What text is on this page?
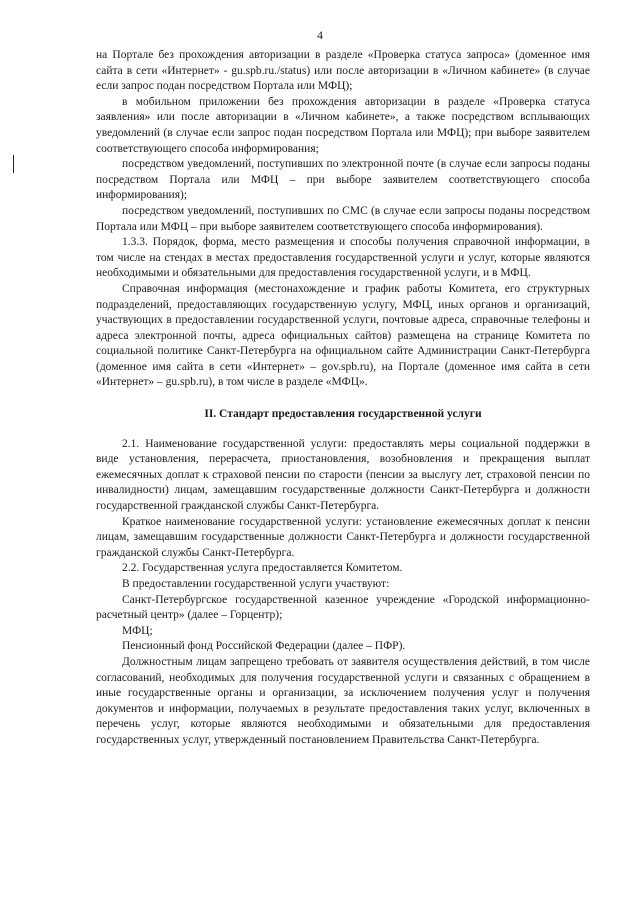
4

на Портале без прохождения авторизации в разделе «Проверка статуса запроса» (доменное имя сайта в сети «Интернет» - gu.spb.ru./status) или после авторизации в «Личном кабинете» (в случае если запрос подан посредством Портала или МФЦ);

в мобильном приложении без прохождения авторизации в разделе «Проверка статуса заявления» или после авторизации в «Личном кабинете», а также посредством всплывающих уведомлений (в случае если запрос подан посредством Портала или МФЦ); при выборе заявителем соответствующего способа информирования;

посредством уведомлений, поступивших по электронной почте (в случае если запросы поданы посредством Портала или МФЦ – при выборе заявителем соответствующего способа информирования);

посредством уведомлений, поступивших по СМС (в случае если запросы поданы посредством Портала или МФЦ – при выборе заявителем соответствующего способа информирования).

1.3.3. Порядок, форма, место размещения и способы получения справочной информации, в том числе на стендах в местах предоставления государственной услуги и услуг, которые являются необходимыми и обязательными для предоставления государственной услуги, и в МФЦ.

Справочная информация (местонахождение и график работы Комитета, его структурных подразделений, предоставляющих государственную услугу, МФЦ, иных органов и организаций, участвующих в предоставлении государственной услуги, почтовые адреса, справочные телефоны и адреса электронной почты, адреса официальных сайтов) размещена на странице Комитета по социальной политике Санкт-Петербурга на официальном сайте Администрации Санкт-Петербурга (доменное имя сайта в сети «Интернет» – gov.spb.ru), на Портале (доменное имя сайта в сети «Интернет» – gu.spb.ru), в том числе в разделе «МФЦ».

II. Стандарт предоставления государственной услуги

2.1. Наименование государственной услуги: предоставлять меры социальной поддержки в виде установления, перерасчета, приостановления, возобновления и прекращения выплат ежемесячных доплат к страховой пенсии по старости (пенсии за выслугу лет, страховой пенсии по инвалидности) лицам, замещавшим государственные должности Санкт-Петербурга и должности государственной гражданской службы Санкт-Петербурга.

Краткое наименование государственной услуги: установление ежемесячных доплат к пенсии лицам, замещавшим государственные должности Санкт-Петербурга и должности государственной гражданской службы Санкт-Петербурга.

2.2. Государственная услуга предоставляется Комитетом.

В предоставлении государственной услуги участвуют:

Санкт-Петербургское государственной казенное учреждение «Городской информационно-расчетный центр» (далее – Горцентр);

МФЦ;

Пенсионный фонд Российской Федерации (далее – ПФР).

Должностным лицам запрещено требовать от заявителя осуществления действий, в том числе согласований, необходимых для получения государственной услуги и связанных с обращением в иные государственные органы и организации, за исключением получения услуг и получения документов и информации, получаемых в результате предоставления таких услуг, включенных в перечень услуг, которые являются необходимыми и обязательными для предоставления государственных услуг, утвержденный постановлением Правительства Санкт-Петербурга.
